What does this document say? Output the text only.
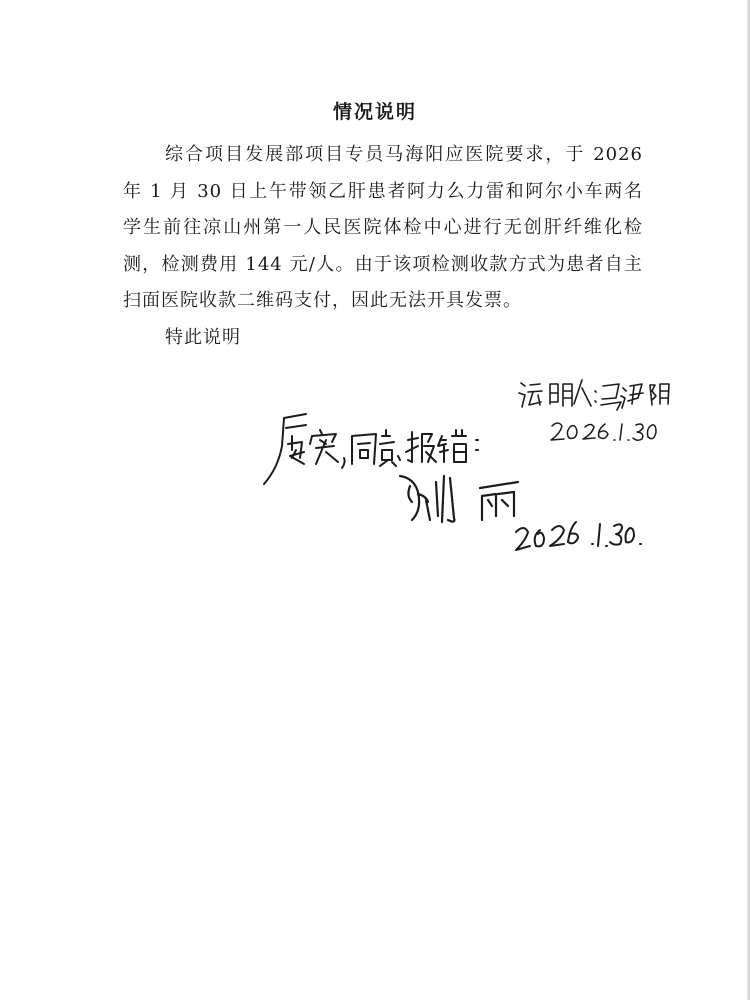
情况说明

综合项目发展部项目专员马海阳应医院要求，于 2026 年 1 月 30 日上午带领乙肝患者阿力么力雷和阿尔小车两名学生前往凉山州第一人民医院体检中心进行无创肝纤维化检测，检测费用 144 元/人。由于该项检测收款方式为患者自主扫面医院收款二维码支付，因此无法开具发票。

特此说明
